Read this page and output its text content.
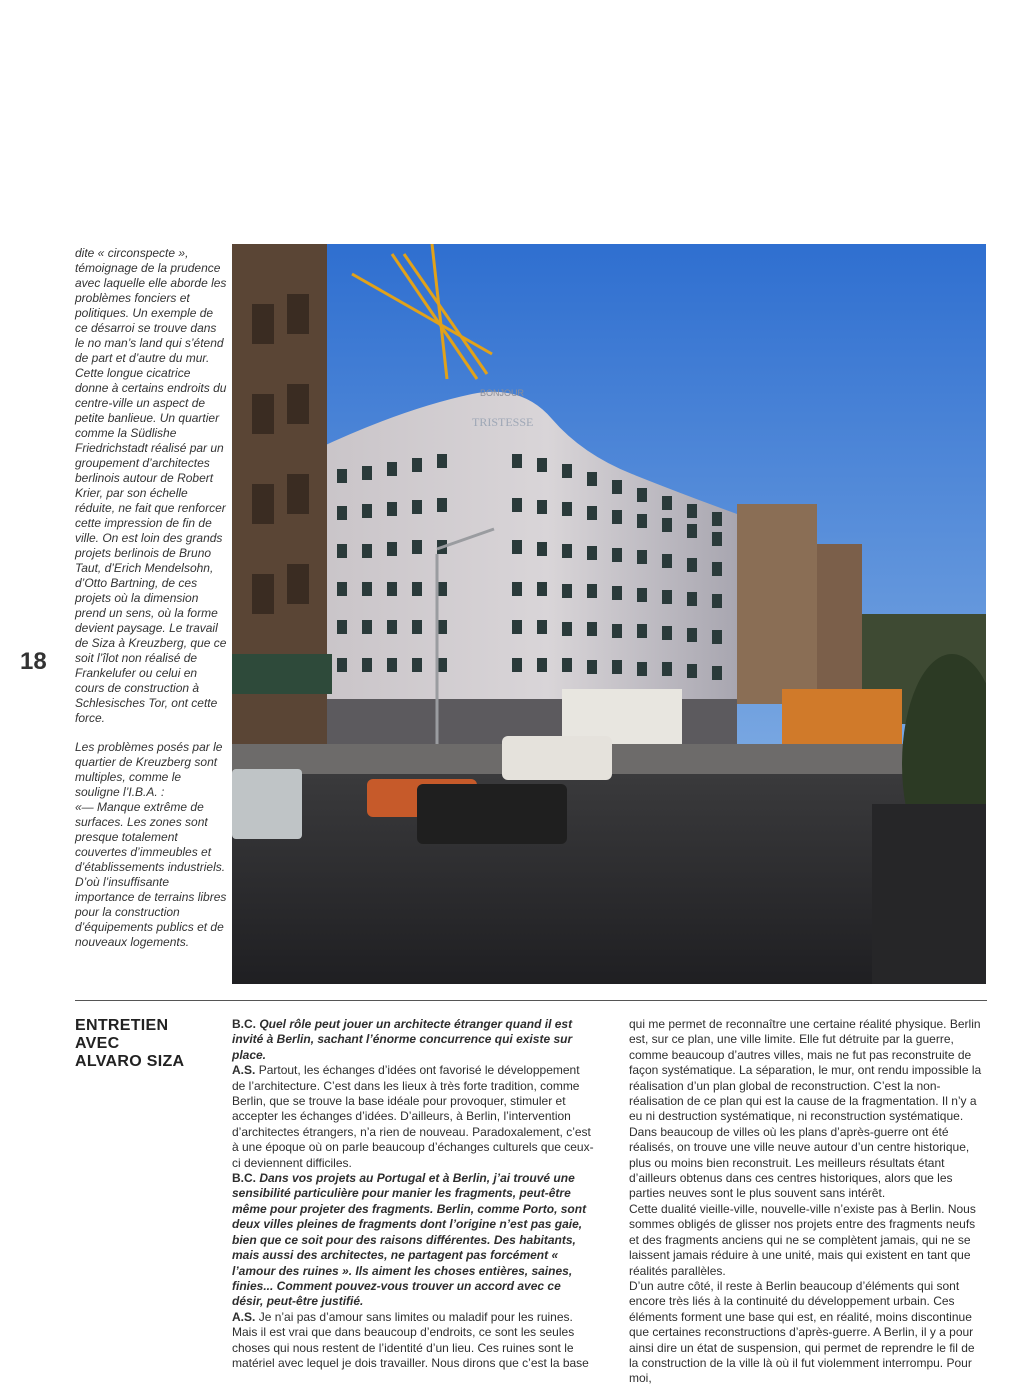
18

dite « circonspecte », témoignage de la prudence avec laquelle elle aborde les problèmes fonciers et politiques. Un exemple de ce désarroi se trouve dans le no man’s land qui s’étend de part et d’autre du mur. Cette longue cicatrice donne à certains endroits du centre-ville un aspect de petite banlieue. Un quartier comme la Südlishe Friedrichstadt réalisé par un groupement d’architectes berlinois autour de Robert Krier, par son échelle réduite, ne fait que renforcer cette impression de fin de ville. On est loin des grands projets berlinois de Bruno Taut, d’Erich Mendelsohn, d’Otto Bartning, de ces projets où la dimension prend un sens, où la forme devient paysage. Le travail de Siza à Kreuzberg, que ce soit l’îlot non réalisé de Frankelufer ou celui en cours de construction à Schlesisches Tor, ont cette force.

Les problèmes posés par le quartier de Kreuzberg sont multiples, comme le souligne l’I.B.A. :

«— Manque extrême de surfaces. Les zones sont presque totalement couvertes d’immeubles et d’établissements industriels. D’où l’insuffisante importance de terrains libres pour la construction d’équipements publics et de nouveaux logements.

BONJOUR
TRISTESSE
ENTRETIEN
AVEC
ALVARO SIZA

B.C. Quel rôle peut jouer un architecte étranger quand il est invité à Berlin, sachant l’énorme concurrence qui existe sur place.

A.S. Partout, les échanges d’idées ont favorisé le développement de l’architecture. C’est dans les lieux à très forte tradition, comme Berlin, que se trouve la base idéale pour provoquer, stimuler et accepter les échanges d’idées. D’ailleurs, à Berlin, l’intervention d’architectes étrangers, n’a rien de nouveau. Paradoxalement, c’est à une époque où on parle beaucoup d’échanges culturels que ceux-ci deviennent difficiles.

B.C. Dans vos projets au Portugal et à Berlin, j’ai trouvé une sensibilité particulière pour manier les fragments, peut-être même pour projeter des fragments. Berlin, comme Porto, sont deux villes pleines de fragments dont l’origine n’est pas gaie, bien que ce soit pour des raisons différentes. Des habitants, mais aussi des architectes, ne partagent pas forcément « l’amour des ruines ». Ils aiment les choses entières, saines, finies... Comment pouvez-vous trouver un accord avec ce désir, peut-être justifié.

A.S. Je n’ai pas d’amour sans limites ou maladif pour les ruines. Mais il est vrai que dans beaucoup d’endroits, ce sont les seules choses qui nous restent de l’identité d’un lieu. Ces ruines sont le matériel avec lequel je dois travailler. Nous dirons que c’est la base

qui me permet de reconnaître une certaine réalité physique. Berlin est, sur ce plan, une ville limite. Elle fut détruite par la guerre, comme beaucoup d’autres villes, mais ne fut pas reconstruite de façon systématique. La séparation, le mur, ont rendu impossible la réalisation d’un plan global de reconstruction. C’est la non-réalisation de ce plan qui est la cause de la fragmentation. Il n’y a eu ni destruction systématique, ni reconstruction systématique.

Dans beaucoup de villes où les plans d’après-guerre ont été réalisés, on trouve une ville neuve autour d’un centre historique, plus ou moins bien reconstruit. Les meilleurs résultats étant d’ailleurs obtenus dans ces centres historiques, alors que les parties neuves sont le plus souvent sans intérêt.

Cette dualité vieille-ville, nouvelle-ville n’existe pas à Berlin. Nous sommes obligés de glisser nos projets entre des fragments neufs et des fragments anciens qui ne se complètent jamais, qui ne se laissent jamais réduire à une unité, mais qui existent en tant que réalités parallèles.

D’un autre côté, il reste à Berlin beaucoup d’éléments qui sont encore très liés à la continuité du développement urbain. Ces éléments forment une base qui est, en réalité, moins discontinue que certaines reconstructions d’après-guerre. A Berlin, il y a pour ainsi dire un état de suspension, qui permet de reprendre le fil de la construction de la ville là où il fut violemment interrompu. Pour moi,
